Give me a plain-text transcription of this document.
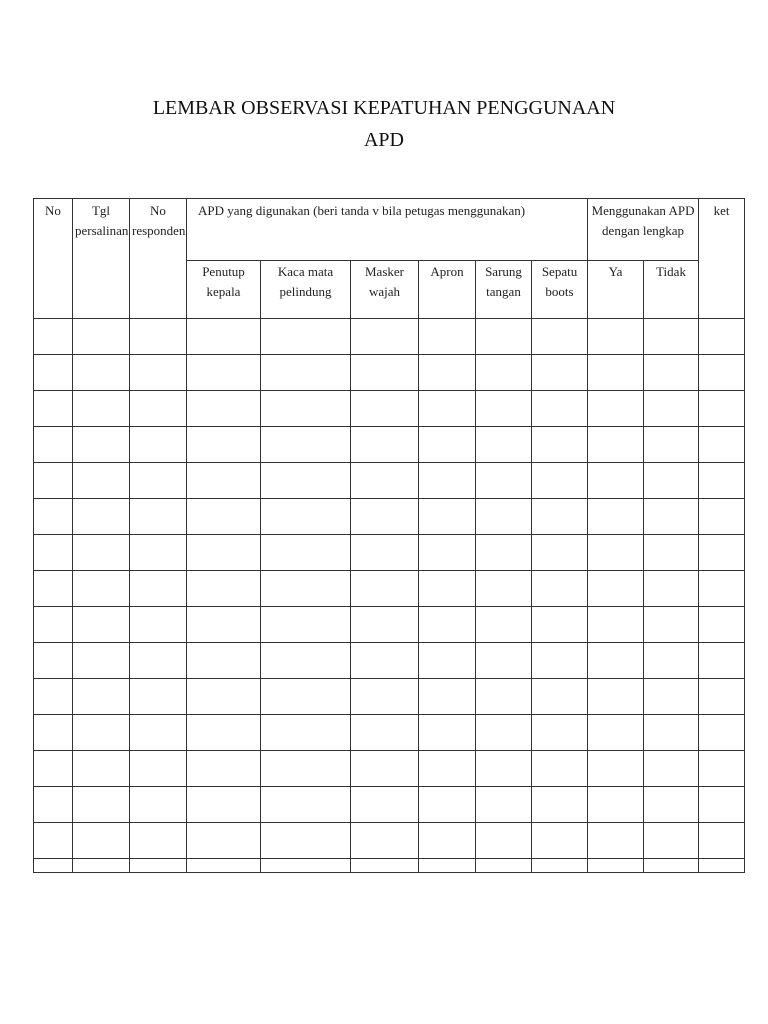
LEMBAR OBSERVASI KEPATUHAN PENGGUNAAN
APD
No	Tgl persalinan	No responden	APD yang digunakan (beri tanda v bila petugas menggunakan)						Menggunakan APD dengan lengkap		ket
			Penutup kepala	Kaca mata pelindung	Masker wajah	Apron	Sarung tangan	Sepatu boots	Ya	Tidak	
